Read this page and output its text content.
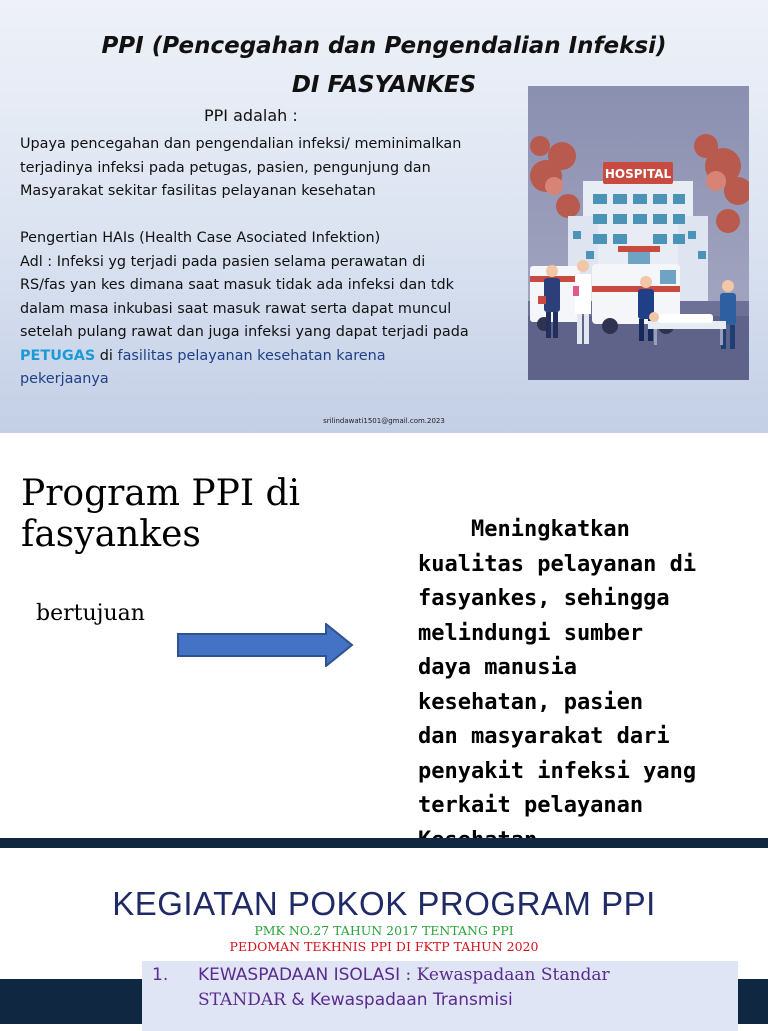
PPI (Pencegahan dan Pengendalian Infeksi)
DI FASYANKES
PPI adalah :

Upaya pencegahan dan pengendalian infeksi/ meminimalkan

terjadinya infeksi pada petugas, pasien, pengunjung dan

Masyarakat sekitar fasilitas pelayanan kesehatan

Pengertian HAIs (Health Case Asociated Infektion)

Adl : Infeksi yg terjadi pada pasien selama perawatan di

RS/fas yan kes dimana saat masuk tidak ada infeksi dan tdk

dalam masa inkubasi saat masuk rawat serta dapat muncul

setelah pulang rawat dan juga infeksi yang dapat terjadi pada

PETUGAS di fasilitas pelayanan kesehatan karena

pekerjaanya

HOSPITAL
srilindawati1501@gmail.com.2023
Program PPI di
fasyankes
bertujuan
Meningkatkan
kualitas pelayanan di
fasyankes, sehingga
melindungi sumber
daya manusia
kesehatan, pasien
dan masyarakat dari
penyakit infeksi yang
terkait pelayanan
KEGIATAN POKOK PROGRAM PPI
PMK NO.27 TAHUN 2017 TENTANG PPI
PEDOMAN TEKHNIS PPI DI FKTP TAHUN 2020
1. KEWASPADAAN ISOLASI : Kewaspadaan Standar
STANDAR & Kewaspadaan Transmisi
